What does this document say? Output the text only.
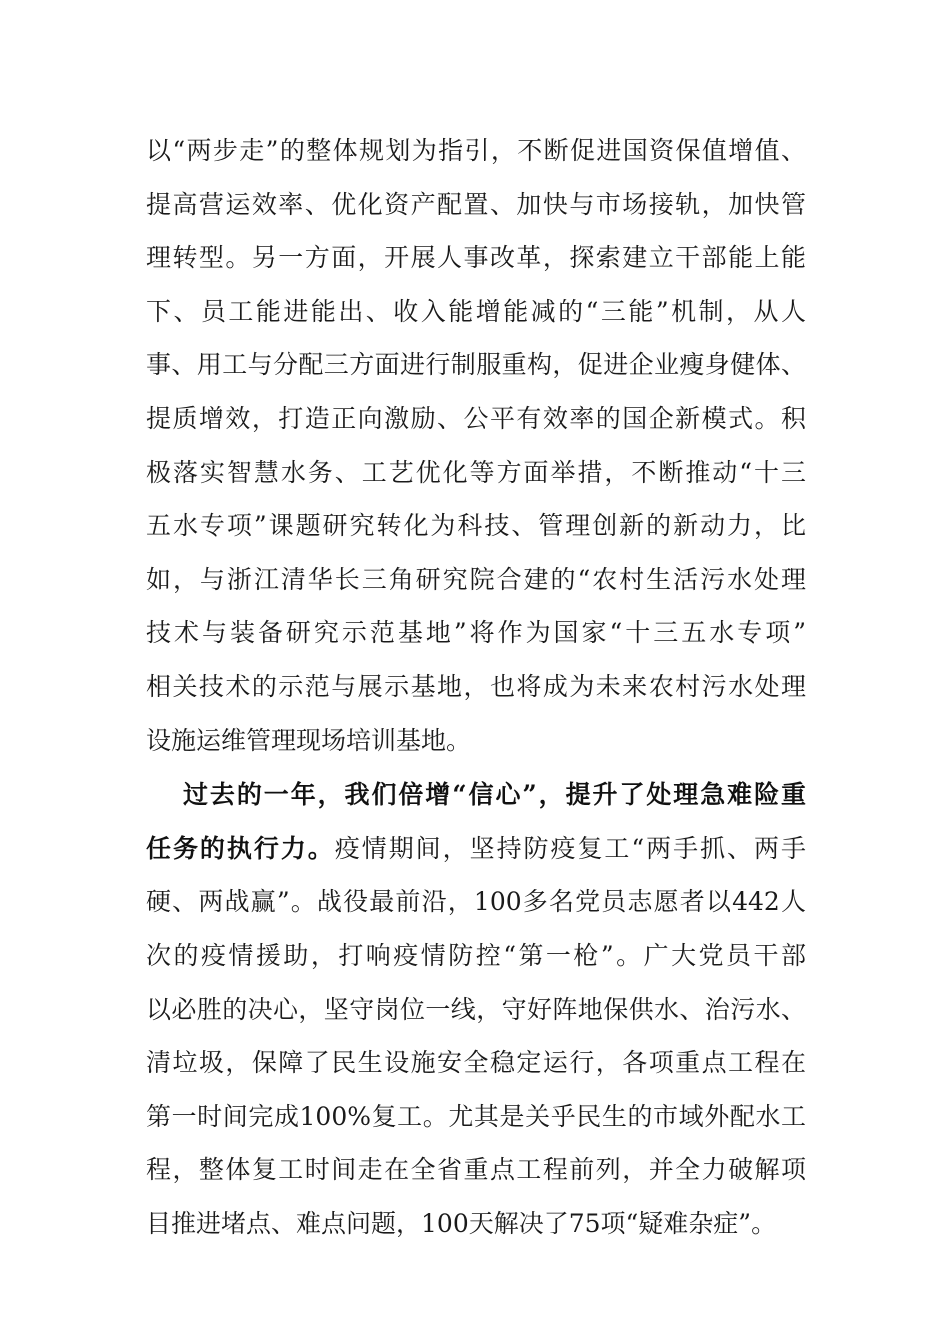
以“两步走”的整体规划为指引，不断促进国资保值增值、
提高营运效率、优化资产配置、加快与市场接轨，加快管
理转型。另一方面，开展人事改革，探索建立干部能上能
下、员工能进能出、收入能增能减的“三能”机制，从人
事、用工与分配三方面进行制服重构，促进企业瘦身健体、
提质增效，打造正向激励、公平有效率的国企新模式。积
极落实智慧水务、工艺优化等方面举措，不断推动“十三
五水专项”课题研究转化为科技、管理创新的新动力，比
如，与浙江清华长三角研究院合建的“农村生活污水处理
技术与装备研究示范基地”将作为国家“十三五水专项”
相关技术的示范与展示基地，也将成为未来农村污水处理
设施运维管理现场培训基地。
过去的一年，我们倍增“信心”，提升了处理急难险重
任务的执行力。疫情期间，坚持防疫复工“两手抓、两手
硬、两战赢”。战役最前沿，100多名党员志愿者以442人
次的疫情援助，打响疫情防控“第一枪”。广大党员干部
以必胜的决心，坚守岗位一线，守好阵地保供水、治污水、
清垃圾，保障了民生设施安全稳定运行，各项重点工程在
第一时间完成100%复工。尤其是关乎民生的市域外配水工
程，整体复工时间走在全省重点工程前列，并全力破解项
目推进堵点、难点问题，100天解决了75项“疑难杂症”。
